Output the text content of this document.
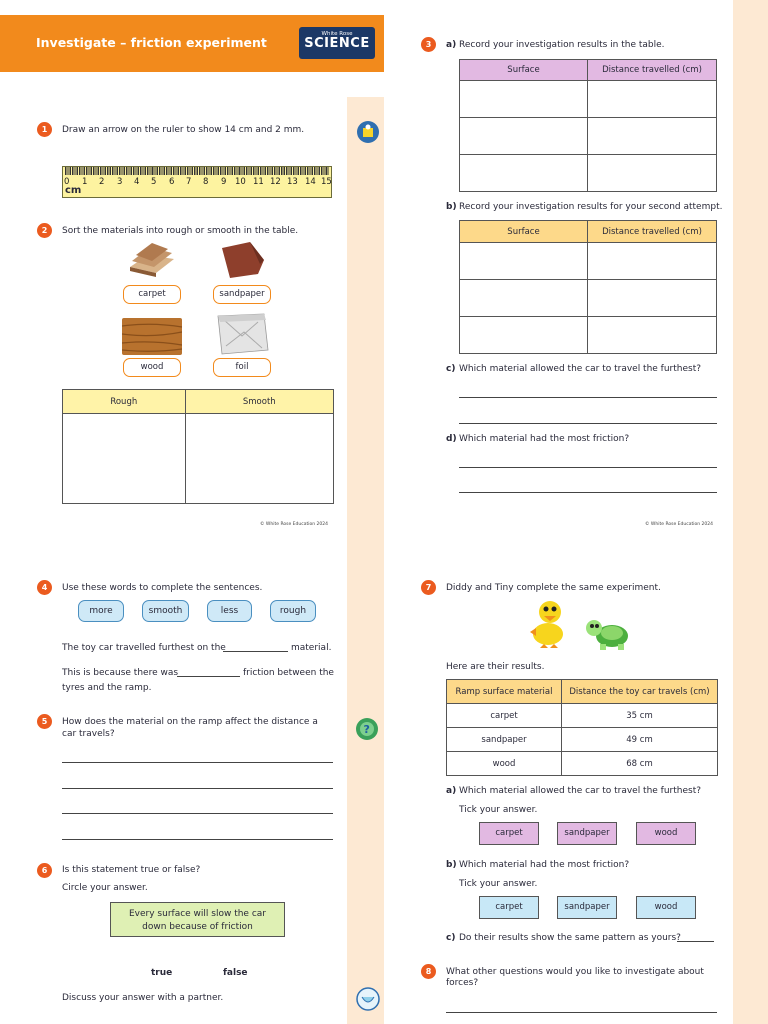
Investigate – friction experiment
White Rose
SCIENCE
?
1	Draw an arrow on the ruler to show 14 cm and 2 mm.
0 1 2 3 4 5 6 7 8 9 10 11 12 13 14 15
cm
2	Sort the materials into rough or smooth in the table.
carpet	sandpaper
wood	foil
Rough	Smooth

© White Rose Education 2024
3	a) Record your investigation results in the table.
Surface	Distance travelled (cm)

b) Record your investigation results for your second attempt.
Surface	Distance travelled (cm)

c) Which material allowed the car to travel the furthest?
d) Which material had the most friction?
© White Rose Education 2024
4	Use these words to complete the sentences.
more	smooth	less	rough
The toy car travelled furthest on the	material.
This is because there was	friction between the
tyres and the ramp.
5	How does the material on the ramp affect the distance a
car travels?
6	Is this statement true or false?
Circle your answer.
Every surface will slow the car
down because of friction
true	false
Discuss your answer with a partner.
7	Diddy and Tiny complete the same experiment.
Here are their results.
Ramp surface material	Distance the toy car travels (cm)
carpet	35 cm
sandpaper	49 cm
wood	68 cm
a) Which material allowed the car to travel the furthest?
Tick your answer.
carpet	sandpaper	wood
b) Which material had the most friction?
Tick your answer.
carpet	sandpaper	wood
c) Do their results show the same pattern as yours?
8	What other questions would you like to investigate about
forces?
